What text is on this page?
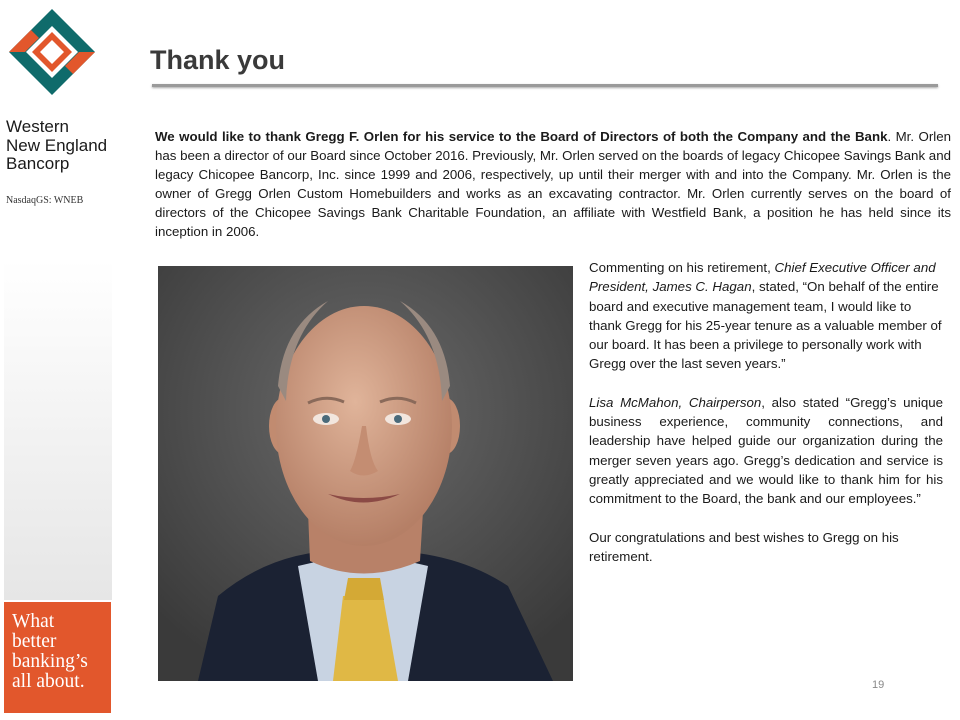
Western
New England
Bancorp
NasdaqGS: WNEB
What
better
banking’s
all about.
Thank you

We would like to thank Gregg F. Orlen for his service to the Board of Directors of both the Company and the Bank. Mr. Orlen has been a director of our Board since October 2016. Previously, Mr. Orlen served on the boards of legacy Chicopee Savings Bank and legacy Chicopee Bancorp, Inc. since 1999 and 2006, respectively, up until their merger with and into the Company. Mr. Orlen is the owner of Gregg Orlen Custom Homebuilders and works as an excavating contractor. Mr. Orlen currently serves on the board of directors of the Chicopee Savings Bank Charitable Foundation, an affiliate with Westfield Bank, a position he has held since its inception in 2006.

Commenting on his retirement, Chief Executive Officer and President, James C. Hagan, stated, “On behalf of the entire board and executive management team, I would like to thank Gregg for his 25-year tenure as a valuable member of our board. It has been a privilege to personally work with Gregg over the last seven years.”

Lisa McMahon, Chairperson, also stated “Gregg’s unique business experience, community connections, and leadership have helped guide our organization during the merger seven years ago. Gregg’s dedication and service is greatly appreciated and we would like to thank him for his commitment to the Board, the bank and our employees.”

Our congratulations and best wishes to Gregg on his retirement.

19
